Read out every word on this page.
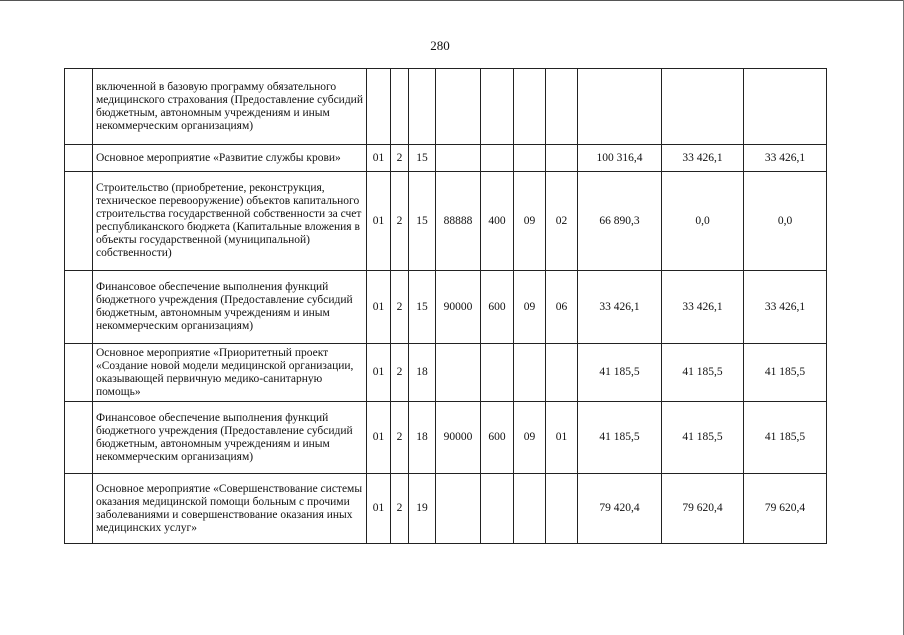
280
	включенной в базовую программу обязательного медицинского страхования (Предоставление субсидий бюджетным, автономным учреждениям и иным некоммерческим организациям)										
	Основное мероприятие «Развитие службы крови»	01	2	15					100 316,4	33 426,1	33 426,1
	Строительство (приобретение, реконструкция, техническое перевооружение) объектов капитального строительства государственной собственности за счет республиканского бюджета (Капитальные вложения в объекты государственной (муниципальной) собственности)	01	2	15	88888	400	09	02	66 890,3	0,0	0,0
	Финансовое обеспечение выполнения функций бюджетного учреждения (Предоставление субсидий бюджетным, автономным учреждениям и иным некоммерческим организациям)	01	2	15	90000	600	09	06	33 426,1	33 426,1	33 426,1
	Основное мероприятие «Приоритетный проект «Создание новой модели медицинской организации, оказывающей первичную медико-санитарную помощь»	01	2	18					41 185,5	41 185,5	41 185,5
	Финансовое обеспечение выполнения функций бюджетного учреждения (Предоставление субсидий бюджетным, автономным учреждениям и иным некоммерческим организациям)	01	2	18	90000	600	09	01	41 185,5	41 185,5	41 185,5
	Основное мероприятие «Совершенствование системы оказания медицинской помощи больным с прочими заболеваниями и совершенствование оказания иных медицинских услуг»	01	2	19					79 420,4	79 620,4	79 620,4
